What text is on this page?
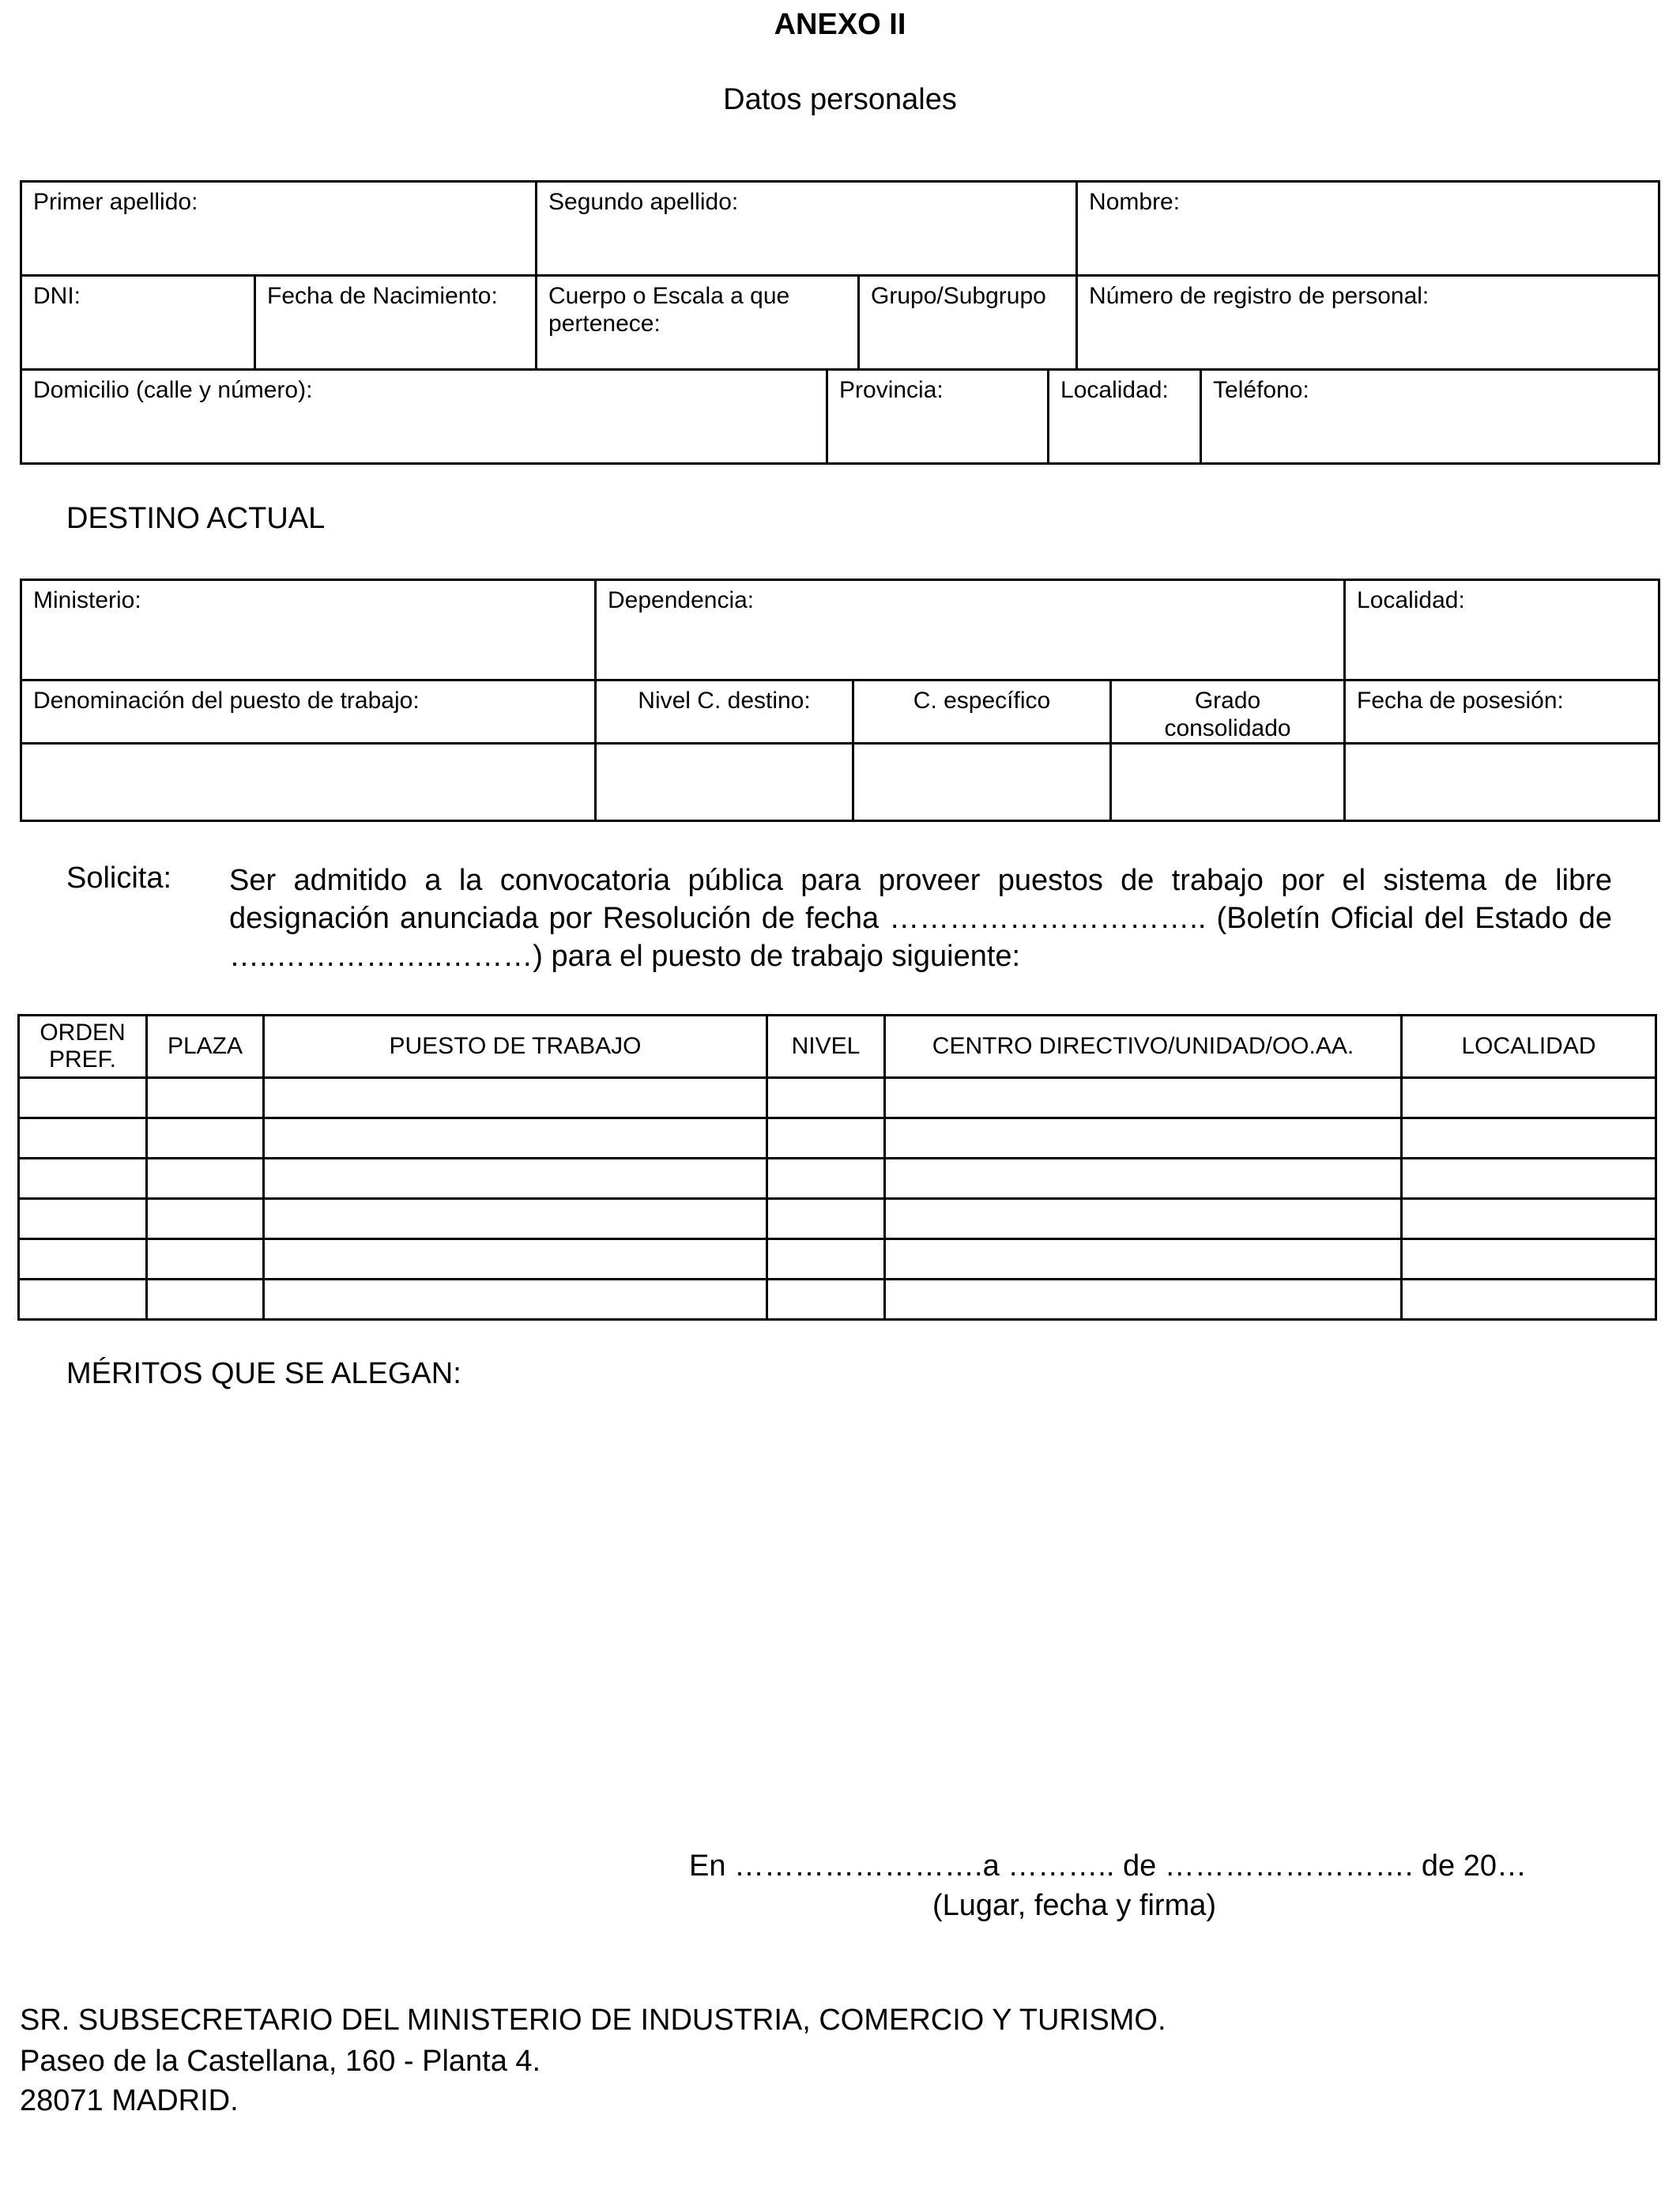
ANEXO II
Datos personales
Primer apellido:		Segundo apellido:				Nombre:	

DNI:	Fecha de Nacimiento:	Cuerpo o Escala a que pertenece:		Grupo/Subgrupo		Número de registro de personal:	

Domicilio (calle y número):			Provincia:		Localidad:		Teléfono:
DESTINO ACTUAL
Ministerio:	Dependencia:			Localidad:

Denominación del puesto de trabajo:	Nivel C. destino:	C. específico	Grado consolidado	Fecha de posesión:

Solicita: Ser admitido a la convocatoria pública para proveer puestos de trabajo por el sistema de libre designación anunciada por Resolución de fecha ………………………….. (Boletín Oficial del Estado de …..……………..………) para el puesto de trabajo siguiente:
ORDEN PREF.	PLAZA	PUESTO DE TRABAJO	NIVEL	CENTRO DIRECTIVO/UNIDAD/OO.AA.	LOCALIDAD

MÉRITOS QUE SE ALEGAN:
En …………………….a ……….. de ……………………. de 20…
(Lugar, fecha y firma)
SR. SUBSECRETARIO DEL MINISTERIO DE INDUSTRIA, COMERCIO Y TURISMO.
Paseo de la Castellana, 160 - Planta 4.
28071 MADRID.
